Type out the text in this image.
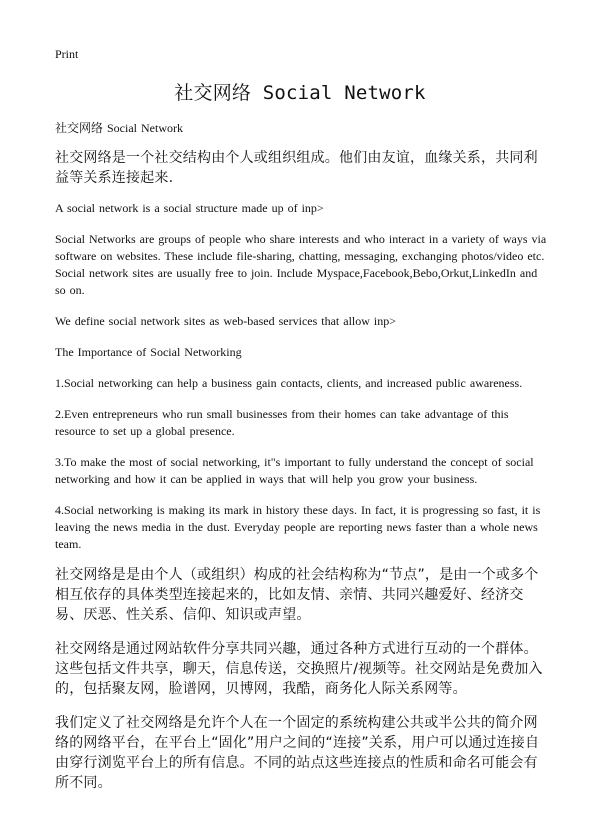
Print
社交网络 Social Network

社交网络 Social Network

社交网络是一个社交结构由个人或组织组成。他们由友谊，血缘关系，共同利益等关系连接起来.

A social network is a social structure made up of inp>

Social Networks are groups of people who share interests and who interact in a variety of ways via software on websites. These include file-sharing, chatting, messaging, exchanging photos/video etc. Social network sites are usually free to join. Include Myspace,Facebook,Bebo,Orkut,LinkedIn and so on.

We define social network sites as web-based services that allow inp>

The Importance of Social Networking

1.Social networking can help a business gain contacts, clients, and increased public awareness.

2.Even entrepreneurs who run small businesses from their homes can take advantage of this resource to set up a global presence.

3.To make the most of social networking, it"s important to fully understand the concept of social networking and how it can be applied in ways that will help you grow your business.

4.Social networking is making its mark in history these days. In fact, it is progressing so fast, it is leaving the news media in the dust. Everyday people are reporting news faster than a whole news team.

社交网络是是由个人（或组织）构成的社会结构称为“节点”，是由一个或多个相互依存的具体类型连接起来的，比如友情、亲情、共同兴趣爱好、经济交易、厌恶、性关系、信仰、知识或声望。

社交网络是通过网站软件分享共同兴趣，通过各种方式进行互动的一个群体。这些包括文件共享，聊天，信息传送，交换照片/视频等。社交网站是免费加入的，包括聚友网，脸谱网，贝博网，我酷，商务化人际关系网等。

我们定义了社交网络是允许个人在一个固定的系统构建公共或半公共的简介网络的网络平台，在平台上“固化”用户之间的“连接”关系，用户可以通过连接自由穿行浏览平台上的所有信息。不同的站点这些连接点的性质和命名可能会有所不同。
